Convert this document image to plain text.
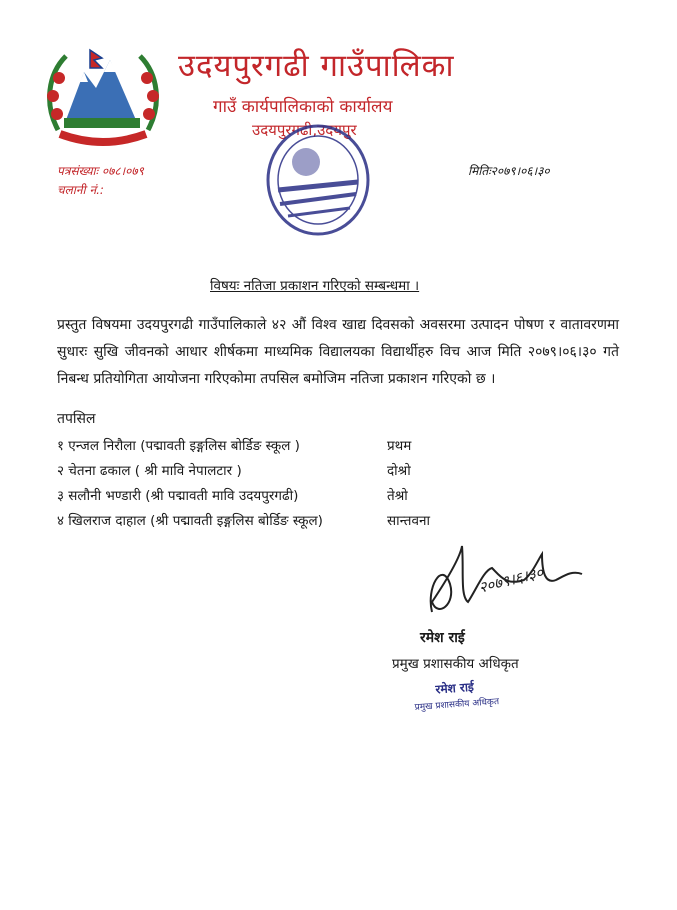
उदयपुरगढी गाउँपालिका
गाउँ कार्यपालिकाको कार्यालय
उदयपुरगढी,उदयपुर
पत्रसंख्याः ०७८।०७९
चलानी नं.:
मितिः२०७९।०६।३०
विषयः नतिजा प्रकाशन गरिएको सम्बन्धमा ।
प्रस्तुत विषयमा उदयपुरगढी गाउँपालिकाले ४२ औं विश्व खाद्य दिवसको अवसरमा उत्पादन पोषण र वातावरणमा सुधारः सुखि जीवनको आधार शीर्षकमा माध्यमिक विद्यालयका विद्यार्थीहरु विच आज मिति २०७९।०६।३० गते निबन्ध प्रतियोगिता आयोजना गरिएकोमा तपसिल बमोजिम नतिजा प्रकाशन गरिएको छ ।
तपसिल
१ एन्जल निरौला (पद्मावती इङ्गलिस बोर्डिङ स्कूल )	प्रथम
२ चेतना ढकाल ( श्री मावि नेपालटार )	दोश्रो
३ सलौनी भण्डारी (श्री पद्मावती मावि उदयपुरगढी)	तेश्रो
४ खिलराज दाहाल (श्री पद्मावती इङ्गलिस बोर्डिङ स्कूल)	सान्तवना
२०७९।६।३०
रमेश राई
प्रमुख प्रशासकीय अधिकृत
रमेश राई
प्रमुख प्रशासकीय अधिकृत
